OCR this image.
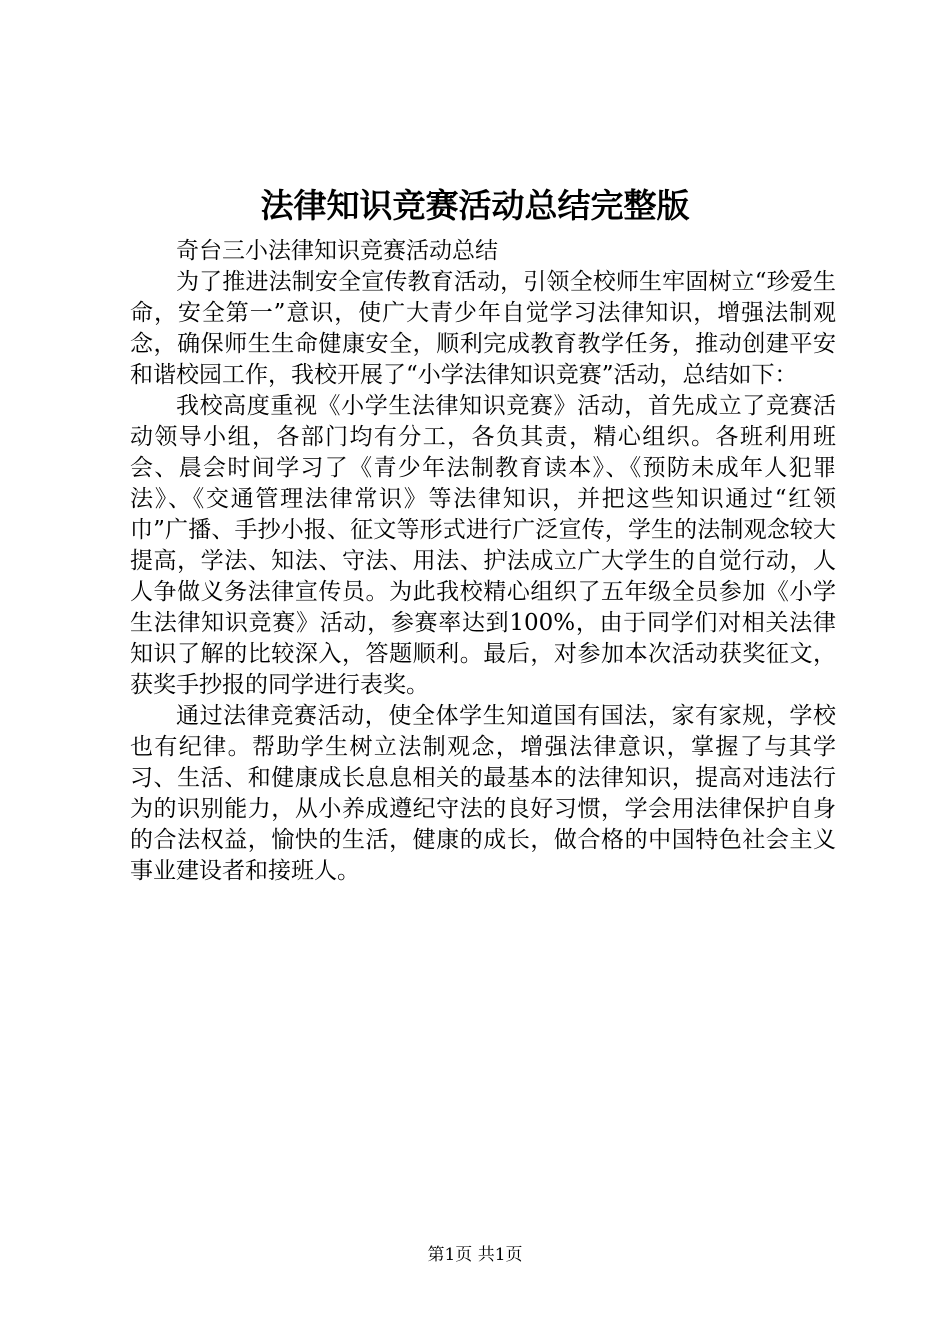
法律知识竞赛活动总结完整版

奇台三小法律知识竞赛活动总结

为了推进法制安全宣传教育活动，引领全校师生牢固树立“珍爱生命，安全第一”意识，使广大青少年自觉学习法律知识，增强法制观念，确保师生生命健康安全，顺利完成教育教学任务，推动创建平安和谐校园工作，我校开展了“小学法律知识竞赛”活动，总结如下：

我校高度重视《小学生法律知识竞赛》活动，首先成立了竞赛活动领导小组，各部门均有分工，各负其责，精心组织。各班利用班会、晨会时间学习了《青少年法制教育读本》、《预防未成年人犯罪法》、《交通管理法律常识》等法律知识，并把这些知识通过“红领巾”广播、手抄小报、征文等形式进行广泛宣传，学生的法制观念较大提高，学法、知法、守法、用法、护法成立广大学生的自觉行动，人人争做义务法律宣传员。为此我校精心组织了五年级全员参加《小学生法律知识竞赛》活动，参赛率达到100%，由于同学们对相关法律知识了解的比较深入，答题顺利。最后，对参加本次活动获奖征文，获奖手抄报的同学进行表奖。

通过法律竞赛活动，使全体学生知道国有国法，家有家规，学校也有纪律。帮助学生树立法制观念，增强法律意识，掌握了与其学习、生活、和健康成长息息相关的最基本的法律知识，提高对违法行为的识别能力，从小养成遵纪守法的良好习惯，学会用法律保护自身的合法权益，愉快的生活，健康的成长，做合格的中国特色社会主义事业建设者和接班人。

第1页 共1页
